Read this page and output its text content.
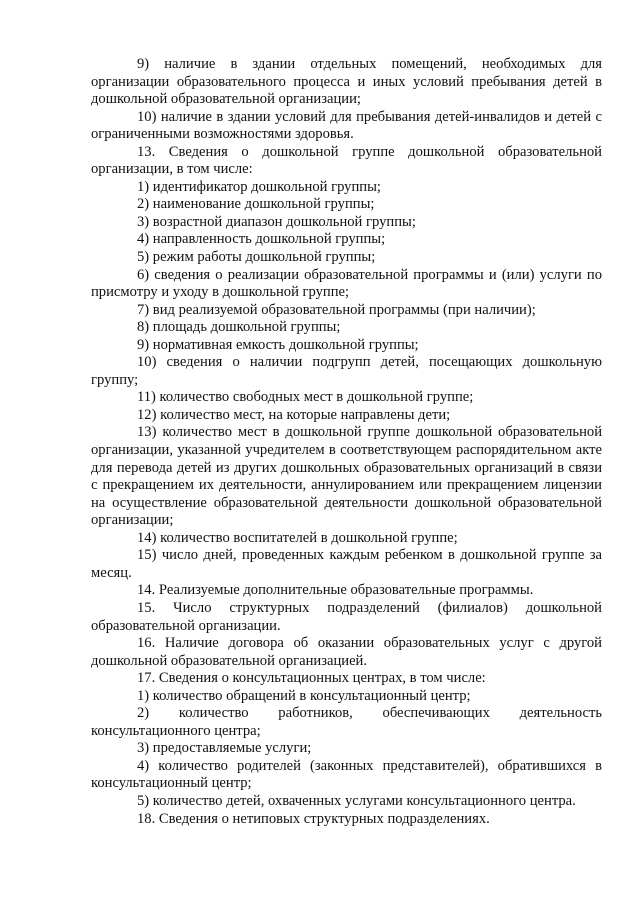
9) наличие в здании отдельных помещений, необходимых для организации образовательного процесса и иных условий пребывания детей в дошкольной образовательной организации;

10) наличие в здании условий для пребывания детей-инвалидов и детей с ограниченными возможностями здоровья.

13. Сведения о дошкольной группе дошкольной образовательной организации, в том числе:

1) идентификатор дошкольной группы;

2) наименование дошкольной группы;

3) возрастной диапазон дошкольной группы;

4) направленность дошкольной группы;

5) режим работы дошкольной группы;

6) сведения о реализации образовательной программы и (или) услуги по присмотру и уходу в дошкольной группе;

7) вид реализуемой образовательной программы (при наличии);

8) площадь дошкольной группы;

9) нормативная емкость дошкольной группы;

10) сведения о наличии подгрупп детей, посещающих дошкольную группу;

11) количество свободных мест в дошкольной группе;

12) количество мест, на которые направлены дети;

13) количество мест в дошкольной группе дошкольной образовательной организации, указанной учредителем в соответствующем распорядительном акте для перевода детей из других дошкольных образовательных организаций в связи с прекращением их деятельности, аннулированием или прекращением лицензии на осуществление образовательной деятельности дошкольной образовательной организации;

14) количество воспитателей в дошкольной группе;

15) число дней, проведенных каждым ребенком в дошкольной группе за месяц.

14. Реализуемые дополнительные образовательные программы.

15. Число структурных подразделений (филиалов) дошкольной образовательной организации.

16. Наличие договора об оказании образовательных услуг с другой дошкольной образовательной организацией.

17. Сведения о консультационных центрах, в том числе:

1) количество обращений в консультационный центр;

2) количество работников, обеспечивающих деятельность консультационного центра;

3) предоставляемые услуги;

4) количество родителей (законных представителей), обратившихся в консультационный центр;

5) количество детей, охваченных услугами консультационного центра.

18. Сведения о нетиповых структурных подразделениях.
